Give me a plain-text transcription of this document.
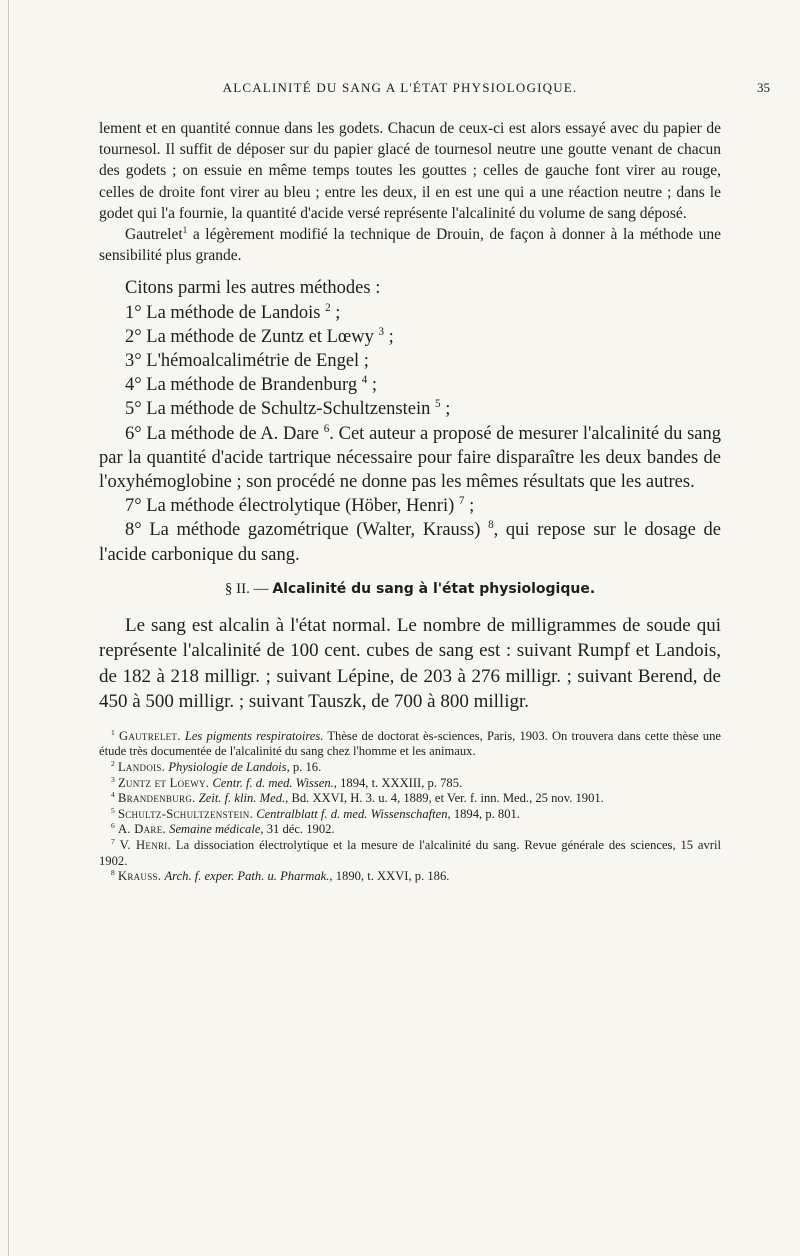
ALCALINITÉ DU SANG A L'ÉTAT PHYSIOLOGIQUE.	35

lement et en quantité connue dans les godets. Chacun de ceux-ci est alors essayé avec du papier de tournesol. Il suffit de déposer sur du papier glacé de tournesol neutre une goutte venant de chacun des godets ; on essuie en même temps toutes les gouttes ; celles de gauche font virer au rouge, celles de droite font virer au bleu ; entre les deux, il en est une qui a une réaction neutre ; dans le godet qui l'a fournie, la quantité d'acide versé représente l'alcalinité du volume de sang déposé.

Gautrelet$^1$ a légèrement modifié la technique de Drouin, de façon à donner à la méthode une sensibilité plus grande.

Citons parmi les autres méthodes :

1° La méthode de Landois $^2$ ;

2° La méthode de Zuntz et Lœwy $^3$ ;

3° L'hémoalcalimétrie de Engel ;

4° La méthode de Brandenburg $^4$ ;

5° La méthode de Schultz-Schultzenstein $^5$ ;

6° La méthode de A. Dare $^6$. Cet auteur a proposé de mesurer l'alcalinité du sang par la quantité d'acide tartrique nécessaire pour faire disparaître les deux bandes de l'oxyhémoglobine ; son procédé ne donne pas les mêmes résultats que les autres.

7° La méthode électrolytique (Höber, Henri) $^7$ ;

8° La méthode gazométrique (Walter, Krauss) $^8$, qui repose sur le dosage de l'acide carbonique du sang.

§ II. — Alcalinité du sang à l'état physiologique.

Le sang est alcalin à l'état normal. Le nombre de milligrammes de soude qui représente l'alcalinité de 100 cent. cubes de sang est : suivant Rumpf et Landois, de 182 à 218 milligr. ; suivant Lépine, de 203 à 276 milligr. ; suivant Berend, de 450 à 500 milligr. ; suivant Tauszk, de 700 à 800 milligr.

$^1$ Gautrelet. Les pigments respiratoires. Thèse de doctorat ès-sciences, Paris, 1903. On trouvera dans cette thèse une étude très documentée de l'alcalinité du sang chez l'homme et les animaux.

$^2$ Landois. Physiologie de Landois, p. 16.

$^3$ Zuntz et Loewy. Centr. f. d. med. Wissen., 1894, t. XXXIII, p. 785.

$^4$ Brandenburg. Zeit. f. klin. Med., Bd. XXVI, H. 3. u. 4, 1889, et Ver. f. inn. Med., 25 nov. 1901.

$^5$ Schultz-Schultzenstein. Centralblatt f. d. med. Wissenschaften, 1894, p. 801.

$^6$ A. Dare. Semaine médicale, 31 déc. 1902.

$^7$ V. Henri. La dissociation électrolytique et la mesure de l'alcalinité du sang. Revue générale des sciences, 15 avril 1902.

$^8$ Krauss. Arch. f. exper. Path. u. Pharmak., 1890, t. XXVI, p. 186.
